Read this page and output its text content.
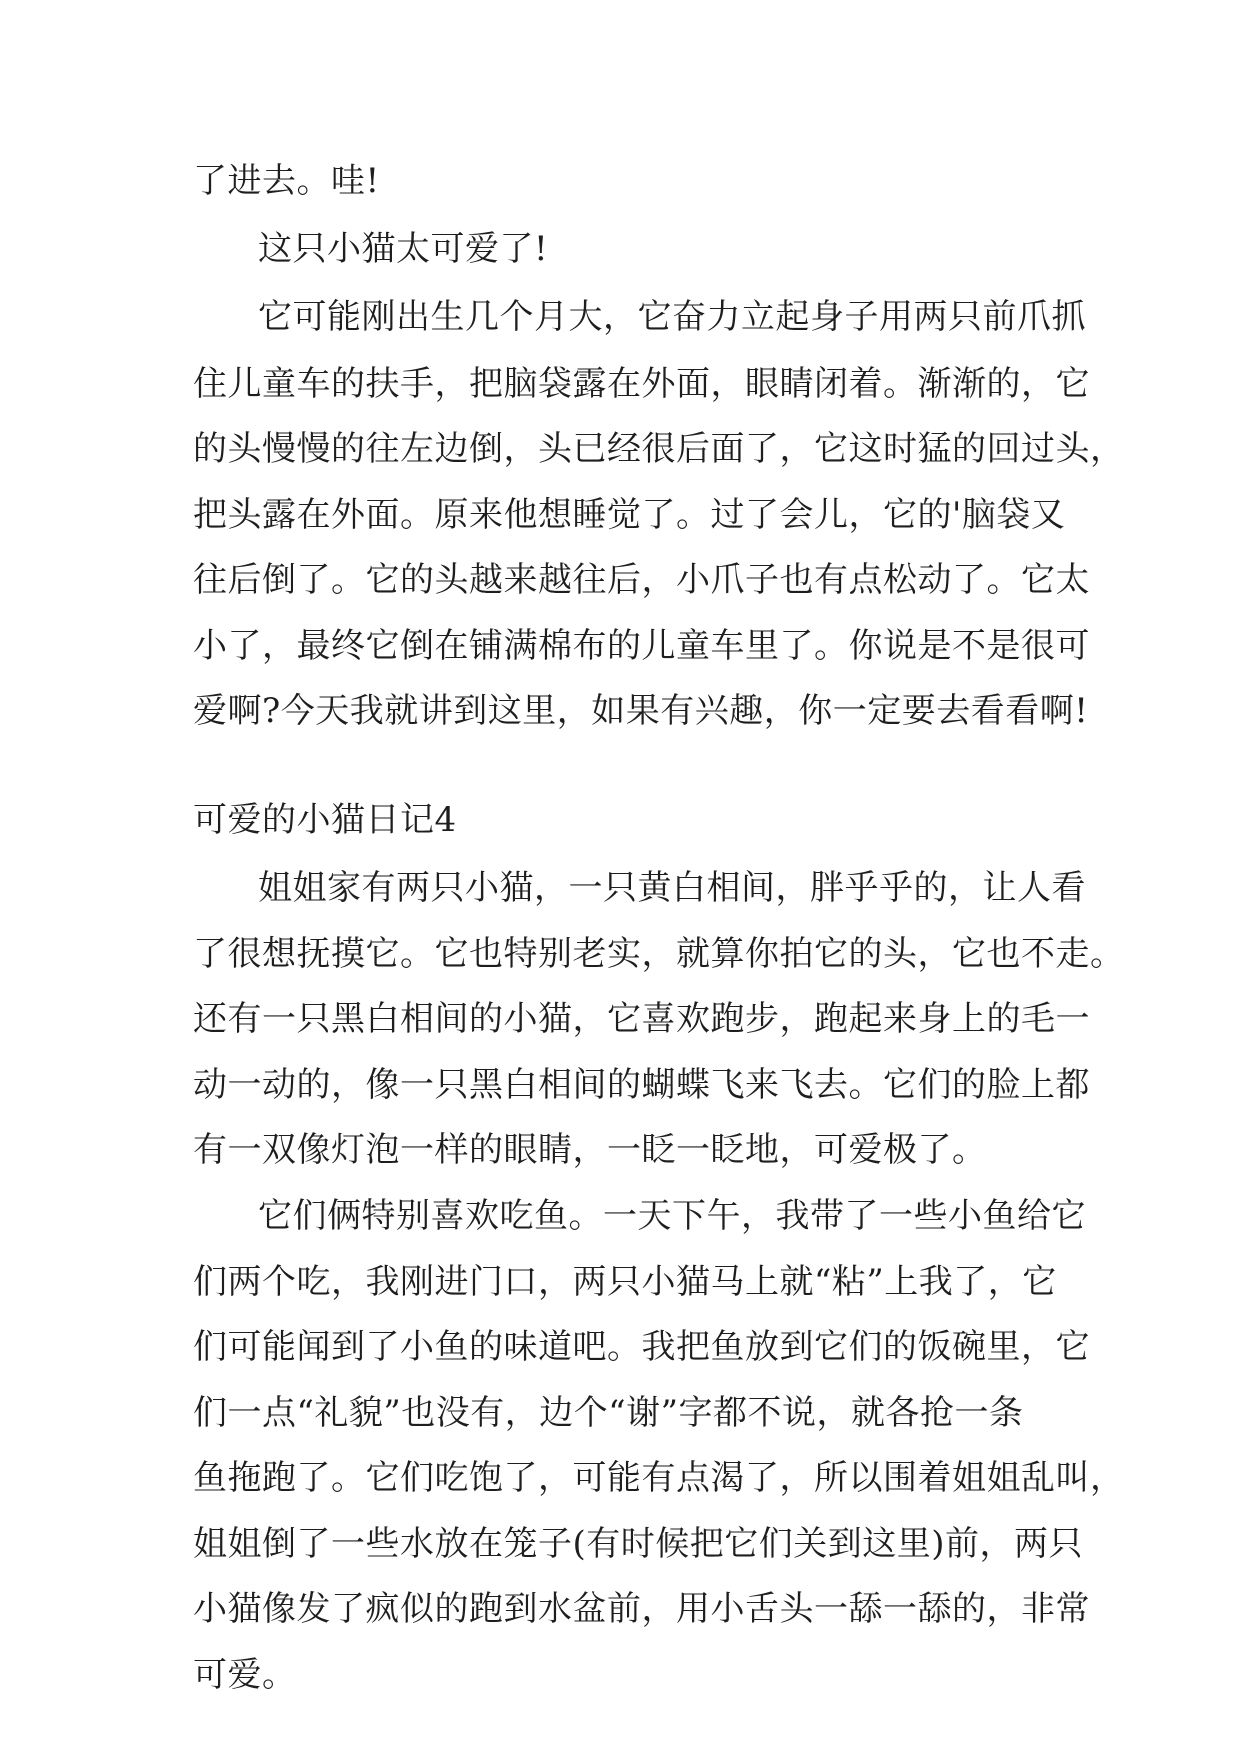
了进去。哇!
这只小猫太可爱了!
它可能刚出生几个月大，它奋力立起身子用两只前爪抓
住儿童车的扶手，把脑袋露在外面，眼睛闭着。渐渐的，它
的头慢慢的往左边倒，头已经很后面了，它这时猛的回过头，
把头露在外面。原来他想睡觉了。过了会儿，它的'脑袋又
往后倒了。它的头越来越往后，小爪子也有点松动了。它太
小了，最终它倒在铺满棉布的儿童车里了。你说是不是很可
爱啊?今天我就讲到这里，如果有兴趣，你一定要去看看啊!
可爱的小猫日记4
姐姐家有两只小猫，一只黄白相间，胖乎乎的，让人看
了很想抚摸它。它也特别老实，就算你拍它的头，它也不走。
还有一只黑白相间的小猫，它喜欢跑步，跑起来身上的毛一
动一动的，像一只黑白相间的蝴蝶飞来飞去。它们的脸上都
有一双像灯泡一样的眼睛，一眨一眨地，可爱极了。
它们俩特别喜欢吃鱼。一天下午，我带了一些小鱼给它
们两个吃，我刚进门口，两只小猫马上就“粘”上我了，它
们可能闻到了小鱼的味道吧。我把鱼放到它们的饭碗里，它
们一点“礼貌”也没有，边个“谢”字都不说，就各抢一条
鱼拖跑了。它们吃饱了，可能有点渴了，所以围着姐姐乱叫，
姐姐倒了一些水放在笼子(有时候把它们关到这里)前，两只
小猫像发了疯似的跑到水盆前，用小舌头一舔一舔的，非常
可爱。
